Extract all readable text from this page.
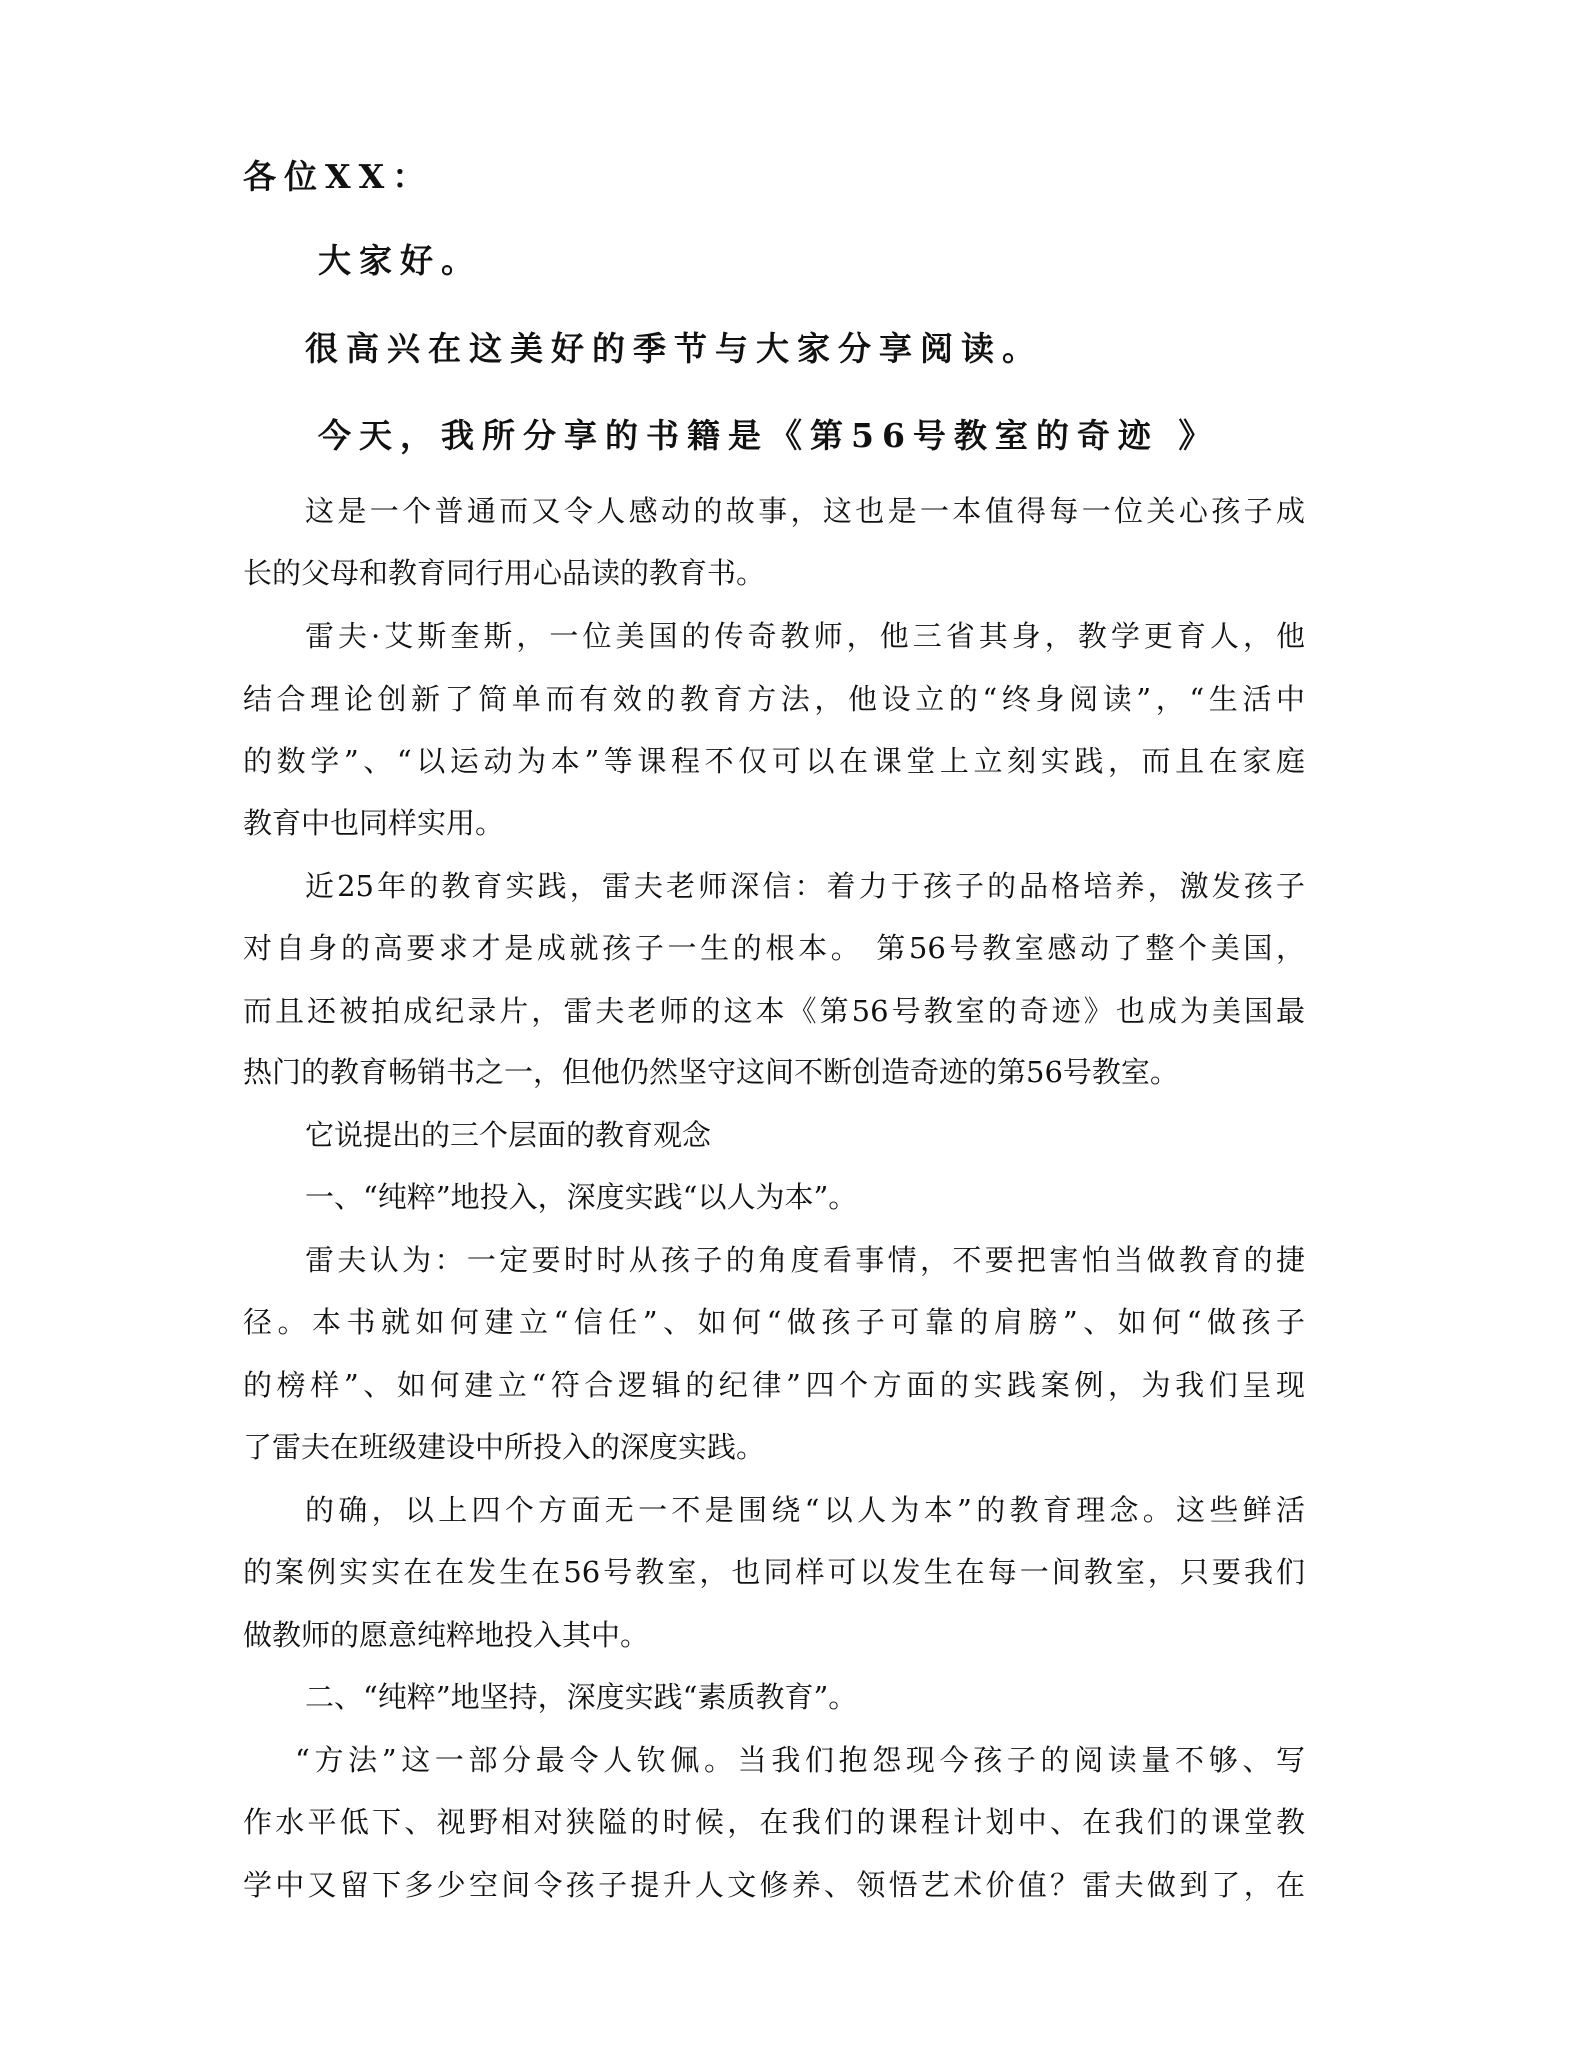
各位XX：
大家好。
很高兴在这美好的季节与大家分享阅读。
今天，我所分享的书籍是《第56号教室的奇迹 》
这是一个普通而又令人感动的故事，这也是一本值得每一位关心孩子成
长的父母和教育同行用心品读的教育书。
雷夫·艾斯奎斯，一位美国的传奇教师，他三省其身，教学更育人，他
结合理论创新了简单而有效的教育方法，他设立的“终身阅读”，“生活中
的数学”、“以运动为本”等课程不仅可以在课堂上立刻实践，而且在家庭
教育中也同样实用。
近25年的教育实践，雷夫老师深信：着力于孩子的品格培养，激发孩子
对自身的高要求才是成就孩子一生的根本。 第56号教室感动了整个美国，
而且还被拍成纪录片，雷夫老师的这本《第56号教室的奇迹》也成为美国最
热门的教育畅销书之一，但他仍然坚守这间不断创造奇迹的第56号教室。
它说提出的三个层面的教育观念
一、“纯粹”地投入，深度实践“以人为本”。
雷夫认为：一定要时时从孩子的角度看事情，不要把害怕当做教育的捷
径。本书就如何建立“信任”、如何“做孩子可靠的肩膀”、如何“做孩子
的榜样”、如何建立“符合逻辑的纪律”四个方面的实践案例，为我们呈现
了雷夫在班级建设中所投入的深度实践。
的确，以上四个方面无一不是围绕“以人为本”的教育理念。这些鲜活
的案例实实在在发生在56号教室，也同样可以发生在每一间教室，只要我们
做教师的愿意纯粹地投入其中。
二、“纯粹”地坚持，深度实践“素质教育”。
“方法”这一部分最令人钦佩。当我们抱怨现今孩子的阅读量不够、写
作水平低下、视野相对狭隘的时候，在我们的课程计划中、在我们的课堂教
学中又留下多少空间令孩子提升人文修养、领悟艺术价值？雷夫做到了，在
